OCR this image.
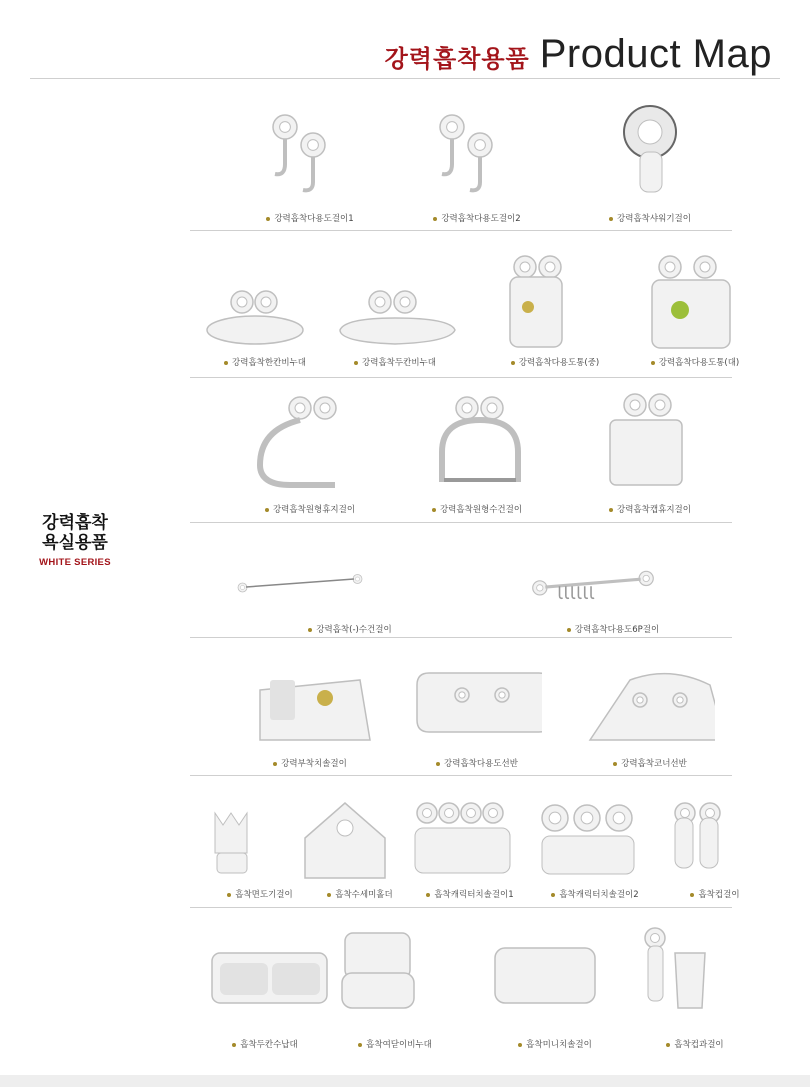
강력흡착용품 Product Map
강력흡착
욕실용품
WHITE SERIES
강력흡착다용도걸이1	강력흡착다용도걸이2	강력흡착샤워기걸이
강력흡착한칸비누대	강력흡착두칸비누대	강력흡착다용도통(중)	강력흡착다용도통(대)
강력흡착원형휴지걸이	강력흡착원형수건걸이	강력흡착캡휴지걸이
강력흡착(-)수건걸이	강력흡착다용도6P걸이
강력부착치솔걸이	강력흡착다용도선반	강력흡착코너선반
흡착면도기걸이	흡착수세미홀더	흡착캐릭터치솔걸이1	흡착캐릭터치솔걸이2	흡착컵걸이
흡착두칸수납대	흡착여닫이비누대	흡착미니치솔걸이	흡착컵과걸이
